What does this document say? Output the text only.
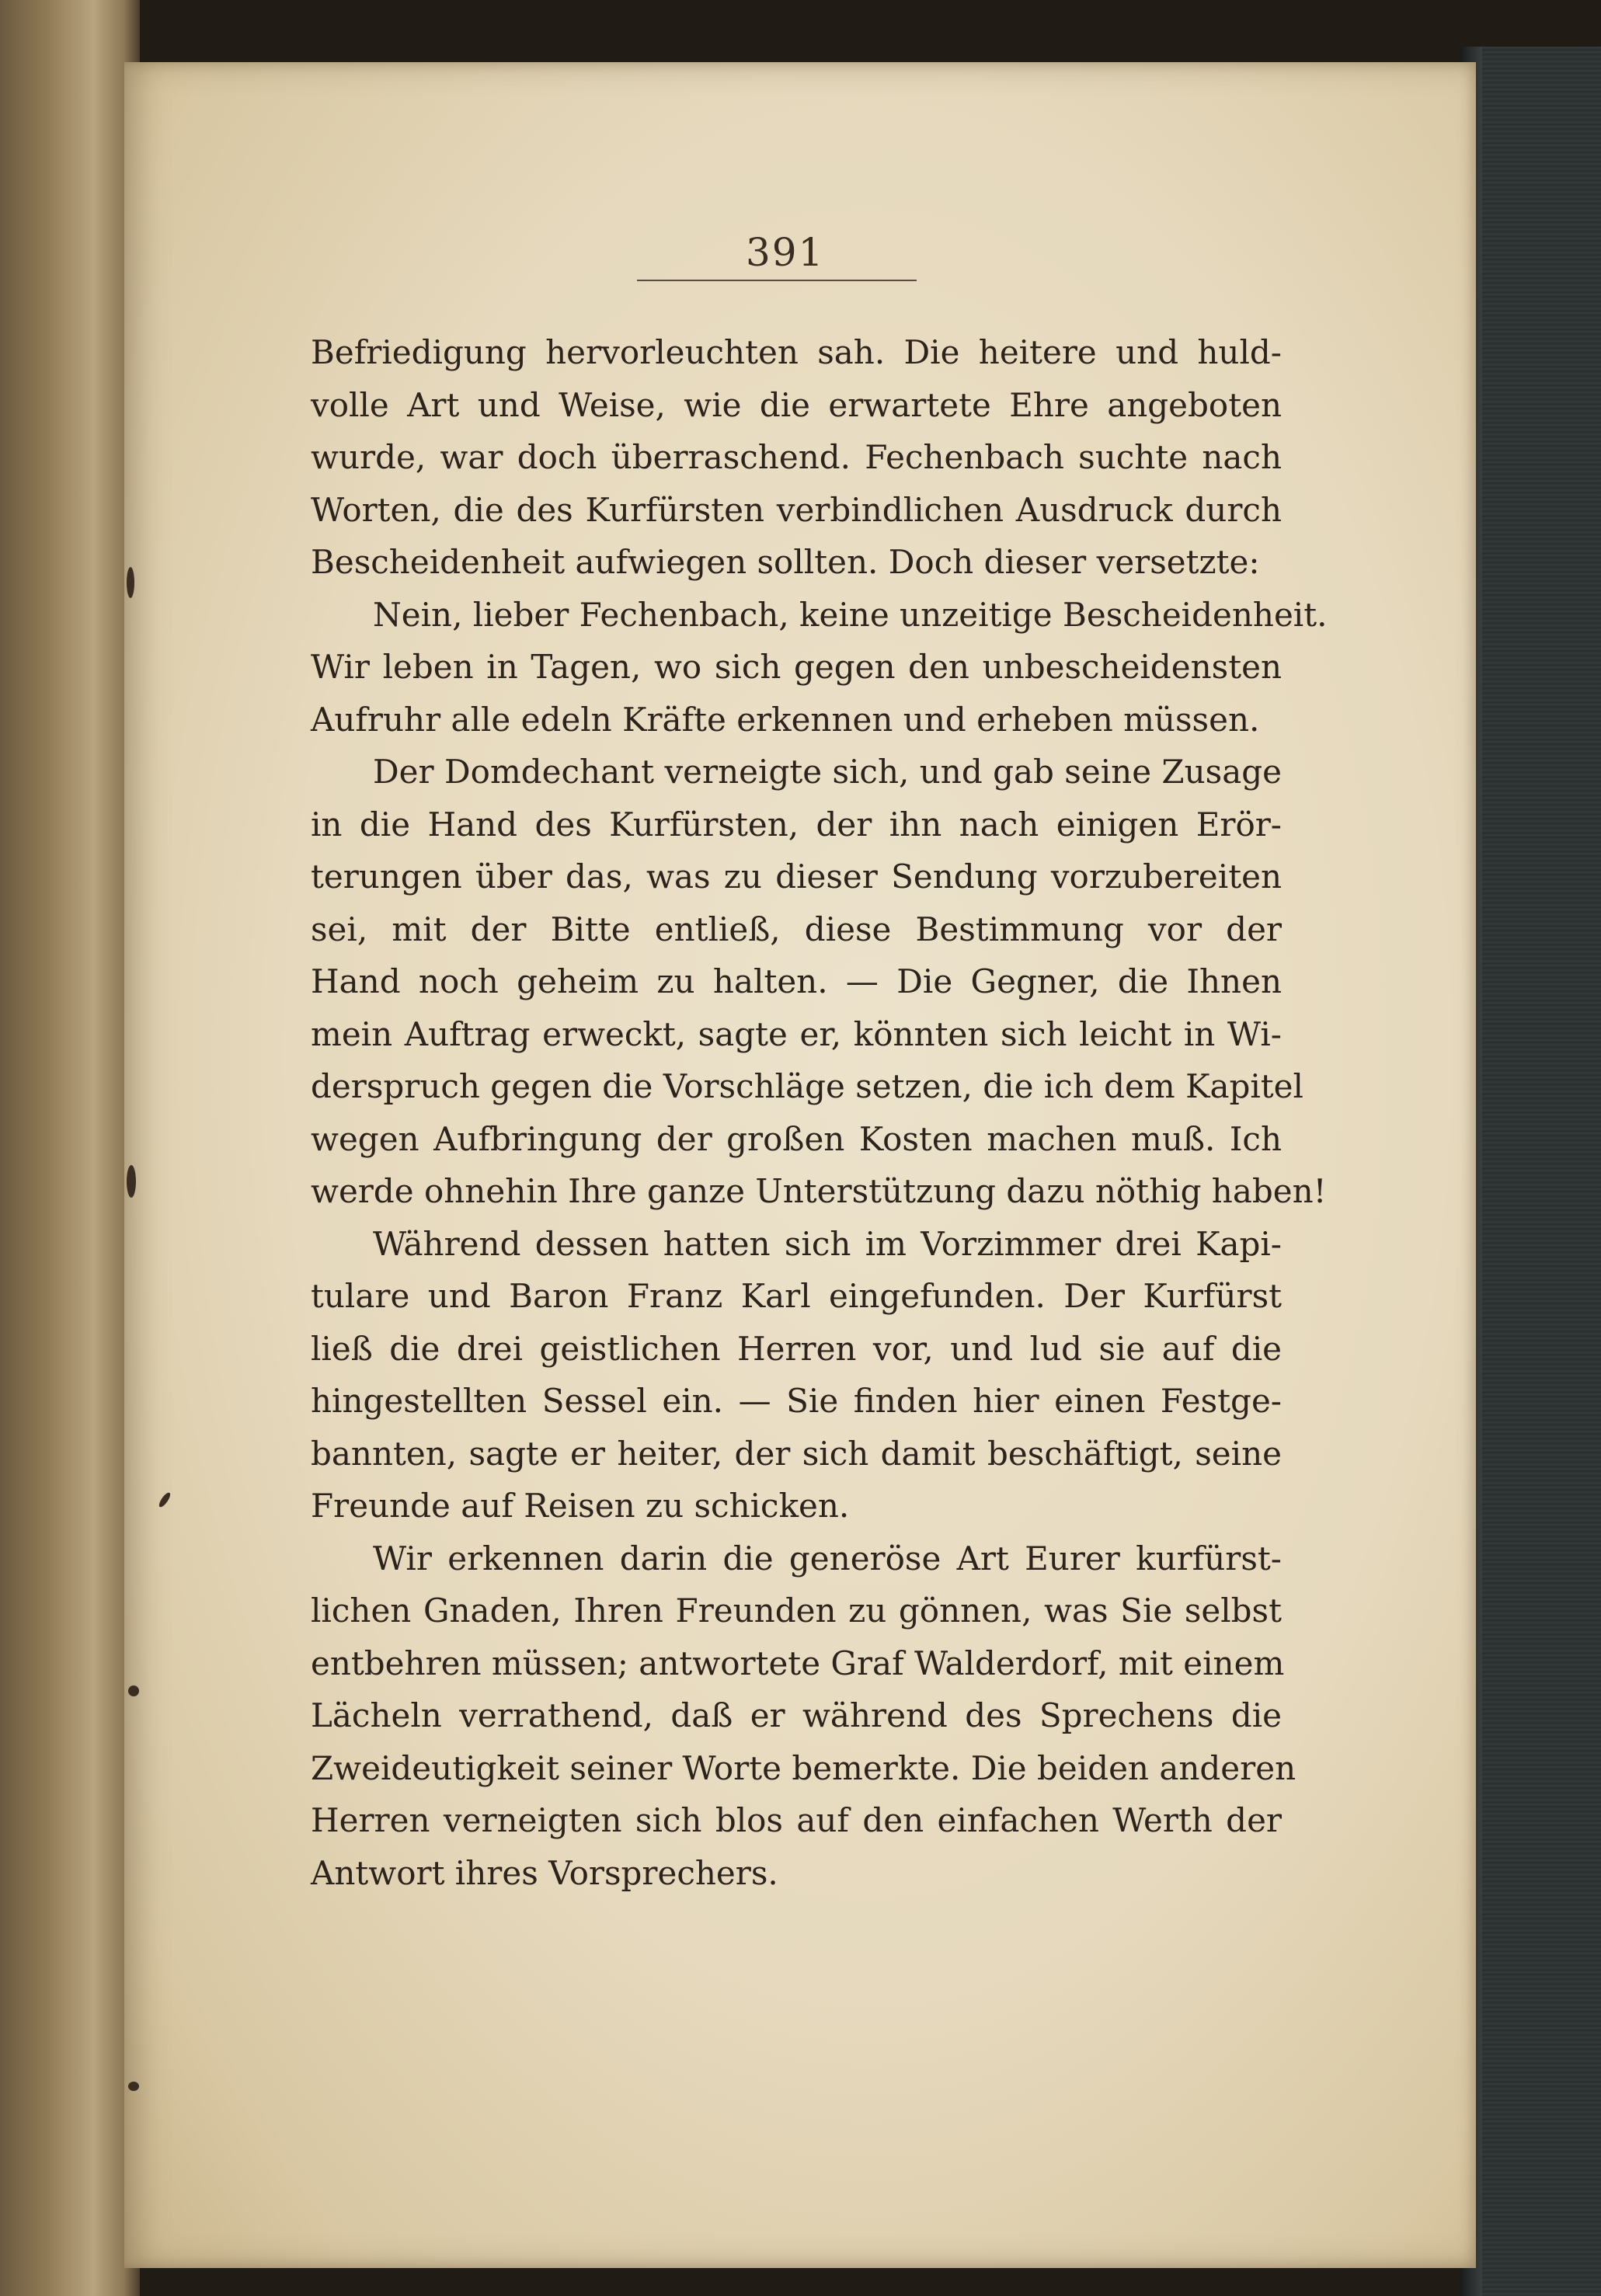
391
Befriedigung hervorleuchten sah. Die heitere und huld-
volle Art und Weise, wie die erwartete Ehre angeboten
wurde, war doch überraschend. Fechenbach suchte nach
Worten, die des Kurfürsten verbindlichen Ausdruck durch
Bescheidenheit aufwiegen sollten. Doch dieser versetzte:
Nein, lieber Fechenbach, keine unzeitige Bescheidenheit.
Wir leben in Tagen, wo sich gegen den unbescheidensten
Aufruhr alle edeln Kräfte erkennen und erheben müssen.
Der Domdechant verneigte sich, und gab seine Zusage
in die Hand des Kurfürsten, der ihn nach einigen Erör-
terungen über das, was zu dieser Sendung vorzubereiten
sei, mit der Bitte entließ, diese Bestimmung vor der
Hand noch geheim zu halten. — Die Gegner, die Ihnen
mein Auftrag erweckt, sagte er, könnten sich leicht in Wi-
derspruch gegen die Vorschläge setzen, die ich dem Kapitel
wegen Aufbringung der großen Kosten machen muß. Ich
werde ohnehin Ihre ganze Unterstützung dazu nöthig haben!
Während dessen hatten sich im Vorzimmer drei Kapi-
tulare und Baron Franz Karl eingefunden. Der Kurfürst
ließ die drei geistlichen Herren vor, und lud sie auf die
hingestellten Sessel ein. — Sie finden hier einen Festge-
bannten, sagte er heiter, der sich damit beschäftigt, seine
Freunde auf Reisen zu schicken.
Wir erkennen darin die generöse Art Eurer kurfürst-
lichen Gnaden, Ihren Freunden zu gönnen, was Sie selbst
entbehren müssen; antwortete Graf Walderdorf, mit einem
Lächeln verrathend, daß er während des Sprechens die
Zweideutigkeit seiner Worte bemerkte. Die beiden anderen
Herren verneigten sich blos auf den einfachen Werth der
Antwort ihres Vorsprechers.
